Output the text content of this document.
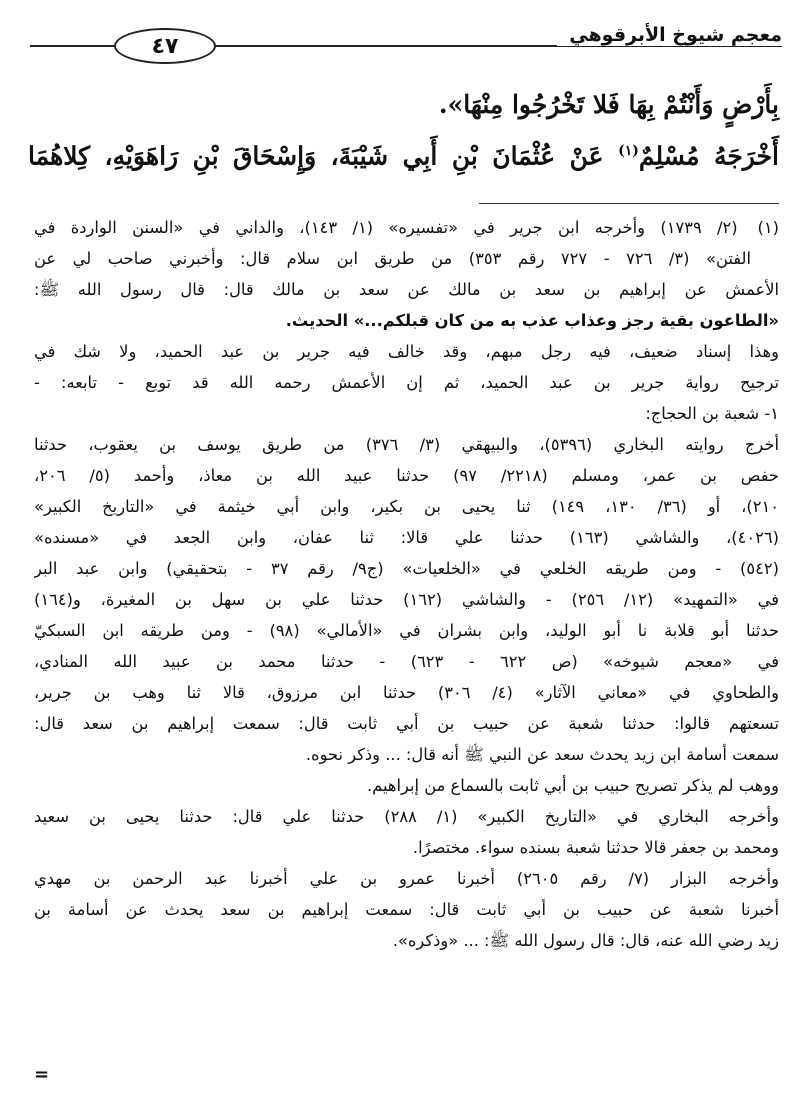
معجم شيوخ الأبرقوهي
٤٧
بِأَرْضٍ وَأَنْتُمْ بِهَا فَلا تَخْرُجُوا مِنْهَا».
أَخْرَجَهُ مُسْلِمٌ$^{(١)}$ عَنْ عُثْمَانَ بْنِ أَبِي شَيْبَةَ، وَإِسْحَاقَ بْنِ رَاهَوَيْهِ، كِلاهُمَا
(١) (٢/ ١٧٣٩) وأخرجه ابن جرير في «تفسيره» (١/ ١٤٣)، والداني في «السنن الواردة في
الفتن» (٣/ ٧٢٦ - ٧٢٧ رقم ٣٥٣) من طريق ابن سلام قال: وأخبرني صاحب لي عن
الأعمش عن إبراهيم بن سعد بن مالك عن سعد بن مالك قال: قال رسول الله ﷺ:
«الطاعون بقية رجز وعذاب عذب به من كان قبلكم...» الحديث.
وهذا إسناد ضعيف، فيه رجل مبهم، وقد خالف فيه جرير بن عبد الحميد، ولا شك في
ترجيح رواية جرير بن عبد الحميد، ثم إن الأعمش رحمه الله قد توبع - تابعه: -
١- شعبة بن الحجاج:
أخرج روايته البخاري (٥٣٩٦)، والبيهقي (٣/ ٣٧٦) من طريق يوسف بن يعقوب، حدثنا
حفص بن عمر، ومسلم (٢٢١٨/ ٩٧) حدثنا عبيد الله بن معاذ، وأحمد (٥/ ٢٠٦،
٢١٠)، أو (٣٦/ ١٣٠، ١٤٩) ثنا يحيى بن بكير، وابن أبي خيثمة في «التاريخ الكبير»
(٤٠٢٦)، والشاشي (١٦٣) حدثنا علي قالا: ثنا عفان، وابن الجعد في «مسنده»
(٥٤٢) - ومن طريقه الخلعي في «الخلعيات» (ج٩/ رقم ٣٧ - بتحقيقي) وابن عبد البر
في «التمهيد» (١٢/ ٢٥٦) - والشاشي (١٦٢) حدثنا علي بن سهل بن المغيرة، و(١٦٤)
حدثنا أبو قلابة نا أبو الوليد، وابن بشران في «الأمالي» (٩٨) - ومن طريقه ابن السبكيّ
في «معجم شيوخه» (ص ٦٢٢ - ٦٢٣) - حدثنا محمد بن عبيد الله المنادي،
والطحاوي في «معاني الآثار» (٤/ ٣٠٦) حدثنا ابن مرزوق، قالا ثنا وهب بن جرير،
تسعتهم قالوا: حدثنا شعبة عن حبيب بن أبي ثابت قال: سمعت إبراهيم بن سعد قال:
سمعت أسامة ابن زيد يحدث سعد عن النبي ﷺ أنه قال: ... وذكر نحوه.
ووهب لم يذكر تصريح حبيب بن أبي ثابت بالسماع من إبراهيم.
وأخرجه البخاري في «التاريخ الكبير» (١/ ٢٨٨) حدثنا علي قال: حدثنا يحيى بن سعيد
ومحمد بن جعفر قالا حدثنا شعبة بسنده سواء. مختصرًا.
وأخرجه البزار (٧/ رقم ٢٦٠٥) أخبرنا عمرو بن علي أخبرنا عبد الرحمن بن مهدي
أخبرنا شعبة عن حبيب بن أبي ثابت قال: سمعت إبراهيم بن سعد يحدث عن أسامة بن
زيد رضي الله عنه، قال: قال رسول الله ﷺ: ... «وذكره».
=
